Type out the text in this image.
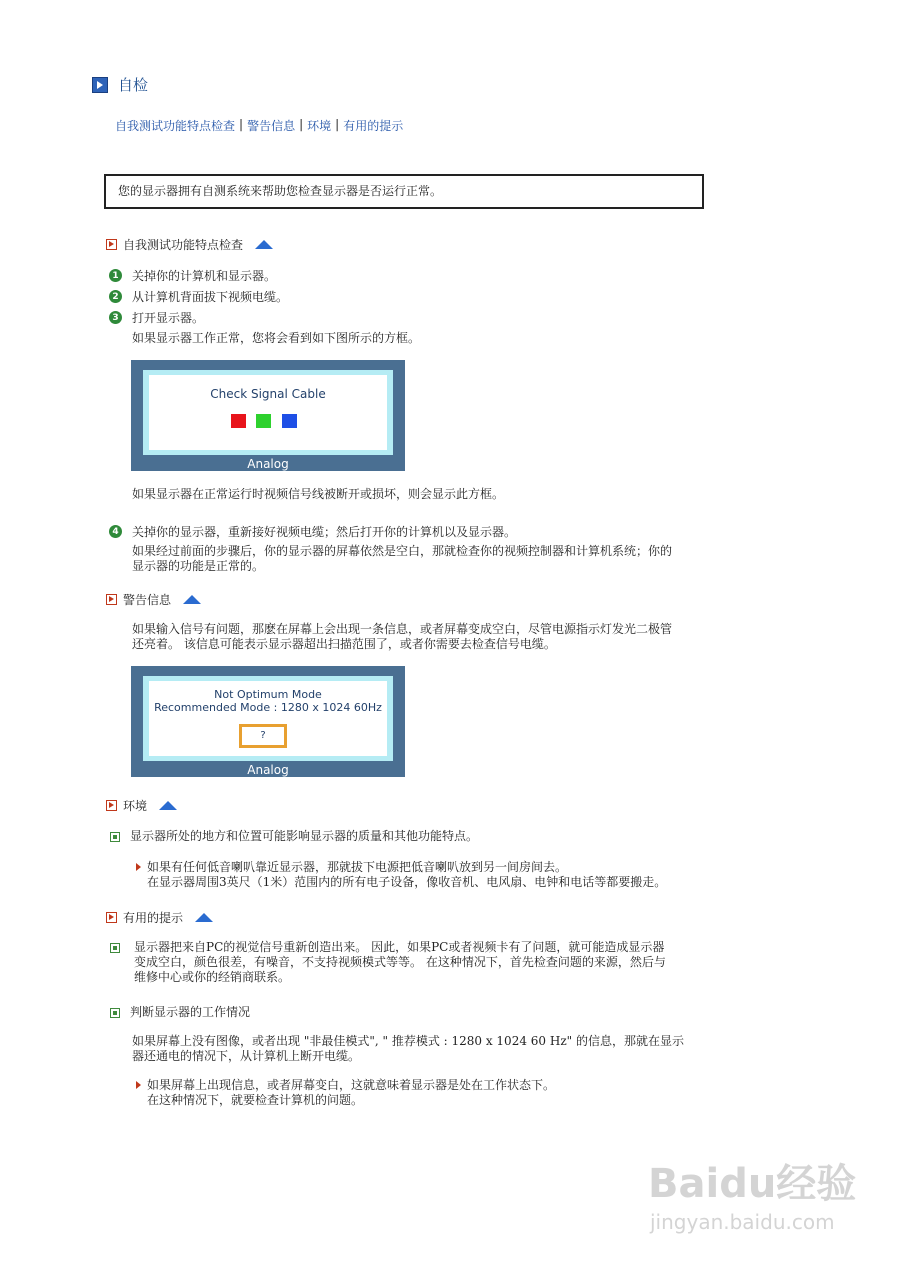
自检
自我测试功能特点检查 | 警告信息 | 环境 | 有用的提示
您的显示器拥有自测系统来帮助您检查显示器是否运行正常。
自我测试功能特点检查
1 关掉你的计算机和显示器。
2 从计算机背面拔下视频电缆。
3 打开显示器。
如果显示器工作正常，您将会看到如下图所示的方框。
Check Signal Cable
Analog
如果显示器在正常运行时视频信号线被断开或损坏，则会显示此方框。
4 关掉你的显示器，重新接好视频电缆；然后打开你的计算机以及显示器。
如果经过前面的步骤后，你的显示器的屏幕依然是空白，那就检查你的视频控制器和计算机系统；你的
显示器的功能是正常的。
警告信息
如果输入信号有问题，那麽在屏幕上会出现一条信息，或者屏幕变成空白，尽管电源指示灯发光二极管
还亮着。 该信息可能表示显示器超出扫描范围了，或者你需要去检查信号电缆。
Not Optimum Mode
Recommended Mode : 1280 x 1024 60Hz
?
Analog
环境
显示器所处的地方和位置可能影响显示器的质量和其他功能特点。
如果有任何低音喇叭靠近显示器，那就拔下电源把低音喇叭放到另一间房间去。
在显示器周围3英尺（1米）范围内的所有电子设备，像收音机、电风扇、电钟和电话等都要搬走。
有用的提示
显示器把来自PC的视觉信号重新创造出来。 因此，如果PC或者视频卡有了问题，就可能造成显示器
变成空白，颜色很差，有噪音，不支持视频模式等等。 在这种情况下，首先检查问题的来源，然后与
维修中心或你的经销商联系。
判断显示器的工作情况
如果屏幕上没有图像，或者出现 "非最佳模式", " 推荐模式 : 1280 x 1024 60 Hz" 的信息，那就在显示
器还通电的情况下，从计算机上断开电缆。
如果屏幕上出现信息，或者屏幕变白，这就意味着显示器是处在工作状态下。
在这种情况下，就要检查计算机的问题。
Baidu经验
jingyan.baidu.com
